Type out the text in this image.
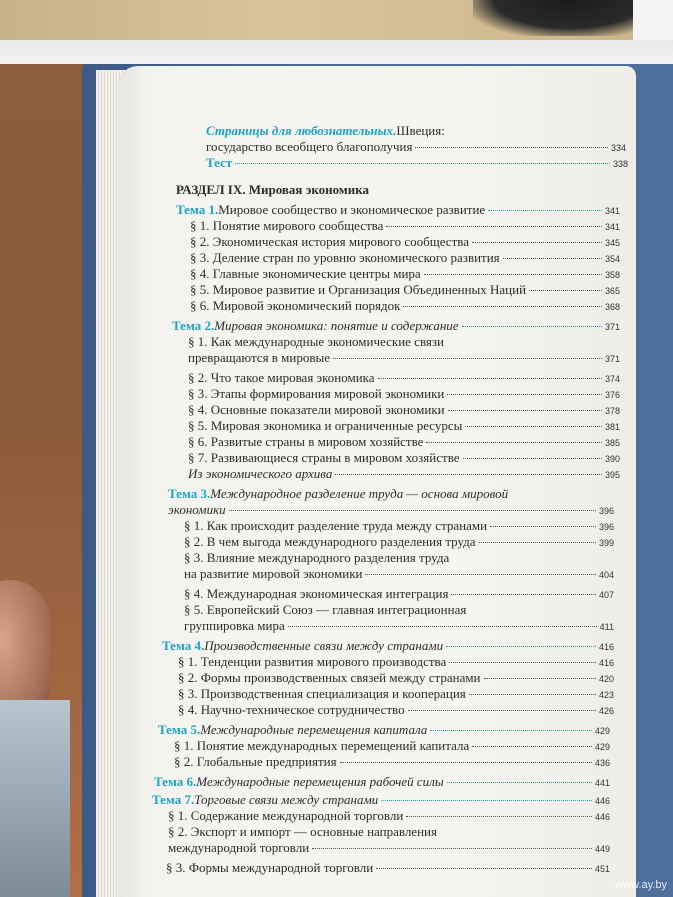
Страницы для любознательных. Швеция:
государство всеобщего благополучия	334
Тест	338
РАЗДЕЛ IX. Мировая экономика
Тема 1. Мировое сообщество и экономическое развитие	341
§ 1. Понятие мирового сообщества	341
§ 2. Экономическая история мирового сообщества	345
§ 3. Деление стран по уровню экономического развития	354
§ 4. Главные экономические центры мира	358
§ 5. Мировое развитие и Организация Объединенных Наций	365
§ 6. Мировой экономический порядок	368
Тема 2. Мировая экономика: понятие и содержание	371
§ 1. Как международные экономические связи
превращаются в мировые	371
§ 2. Что такое мировая экономика	374
§ 3. Этапы формирования мировой экономики	376
§ 4. Основные показатели мировой экономики	378
§ 5. Мировая экономика и ограниченные ресурсы	381
§ 6. Развитые страны в мировом хозяйстве	385
§ 7. Развивающиеся страны в мировом хозяйстве	390
Из экономического архива	395
Тема 3. Международное разделение труда — основа мировой
экономики	396
§ 1. Как происходит разделение труда между странами	396
§ 2. В чем выгода международного разделения труда	399
§ 3. Влияние международного разделения труда
на развитие мировой экономики	404
§ 4. Международная экономическая интеграция	407
§ 5. Европейский Союз — главная интеграционная
группировка мира	411
Тема 4. Производственные связи между странами	416
§ 1. Тенденции развития мирового производства	416
§ 2. Формы производственных связей между странами	420
§ 3. Производственная специализация и кооперация	423
§ 4. Научно-техническое сотрудничество	426
Тема 5. Международные перемещения капитала	429
§ 1. Понятие международных перемещений капитала	429
§ 2. Глобальные предприятия	436
Тема 6. Международные перемещения рабочей силы	441
Тема 7. Торговые связи между странами	446
§ 1. Содержание международной торговли	446
§ 2. Экспорт и импорт — основные направления
международной торговли	449
§ 3. Формы международной торговли	451
www.ay.by
